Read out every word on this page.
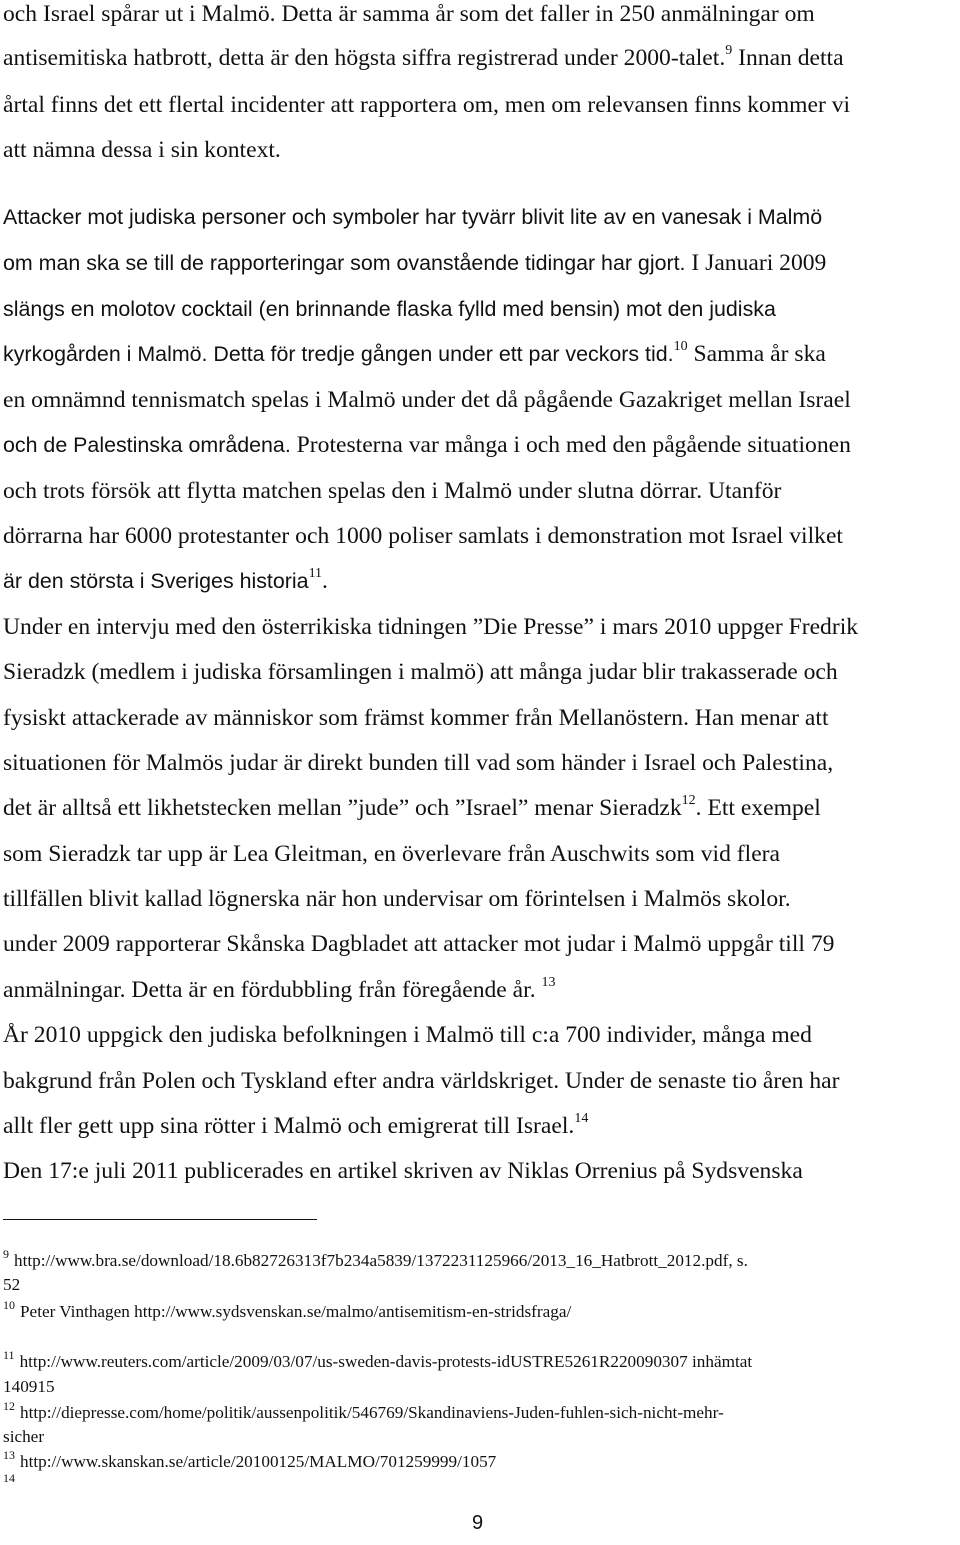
och Israel spårar ut i Malmö. Detta är samma år som det faller in 250 anmälningar om
antisemitiska hatbrott, detta är den högsta siffra registrerad under 2000-talet.$^9$ Innan detta
årtal finns det ett flertal incidenter att rapportera om, men om relevansen finns kommer vi
att nämna dessa i sin kontext.
Attacker mot judiska personer och symboler har tyvärr blivit lite av en vanesak i Malmö
om man ska se till de rapporteringar som ovanstående tidingar har gjort. I Januari 2009
slängs en molotov cocktail (en brinnande flaska fylld med bensin) mot den judiska
kyrkogården i Malmö. Detta för tredje gången under ett par veckors tid.$^{10}$ Samma år ska
en omnämnd tennismatch spelas i Malmö under det då pågående Gazakriget mellan Israel
och de Palestinska områdena. Protesterna var många i och med den pågående situationen
och trots försök att flytta matchen spelas den i Malmö under slutna dörrar. Utanför
dörrarna har 6000 protestanter och 1000 poliser samlats i demonstration mot Israel vilket
är den största i Sveriges historia$^{11}$.
Under en intervju med den österrikiska tidningen ”Die Presse” i mars 2010 uppger Fredrik
Sieradzk (medlem i judiska församlingen i malmö) att många judar blir trakasserade och
fysiskt attackerade av människor som främst kommer från Mellanöstern. Han menar att
situationen för Malmös judar är direkt bunden till vad som händer i Israel och Palestina,
det är alltså ett likhetstecken mellan ”jude” och ”Israel” menar Sieradzk$^{12}$. Ett exempel
som Sieradzk tar upp är Lea Gleitman, en överlevare från Auschwits som vid flera
tillfällen blivit kallad lögnerska när hon undervisar om förintelsen i Malmös skolor.
under 2009 rapporterar Skånska Dagbladet att attacker mot judar i Malmö uppgår till 79
anmälningar. Detta är en fördubbling från föregående år. $^{13}$
År 2010 uppgick den judiska befolkningen i Malmö till c:a 700 individer, många med
bakgrund från Polen och Tyskland efter andra världskriget. Under de senaste tio åren har
allt fler gett upp sina rötter i Malmö och emigrerat till Israel.$^{14}$
Den 17:e juli 2011 publicerades en artikel skriven av Niklas Orrenius på Sydsvenska
$^9$ http://www.bra.se/download/18.6b82726313f7b234a5839/1372231125966/2013_16_Hatbrott_2012.pdf, s.
52
$^{10}$ Peter Vinthagen http://www.sydsvenskan.se/malmo/antisemitism-en-stridsfraga/
$^{11}$ http://www.reuters.com/article/2009/03/07/us-sweden-davis-protests-idUSTRE5261R220090307 inhämtat
140915
$^{12}$ http://diepresse.com/home/politik/aussenpolitik/546769/Skandinaviens-Juden-fuhlen-sich-nicht-mehr-
sicher
$^{13}$ http://www.skanskan.se/article/20100125/MALMO/701259999/1057
$^{14}$
9
